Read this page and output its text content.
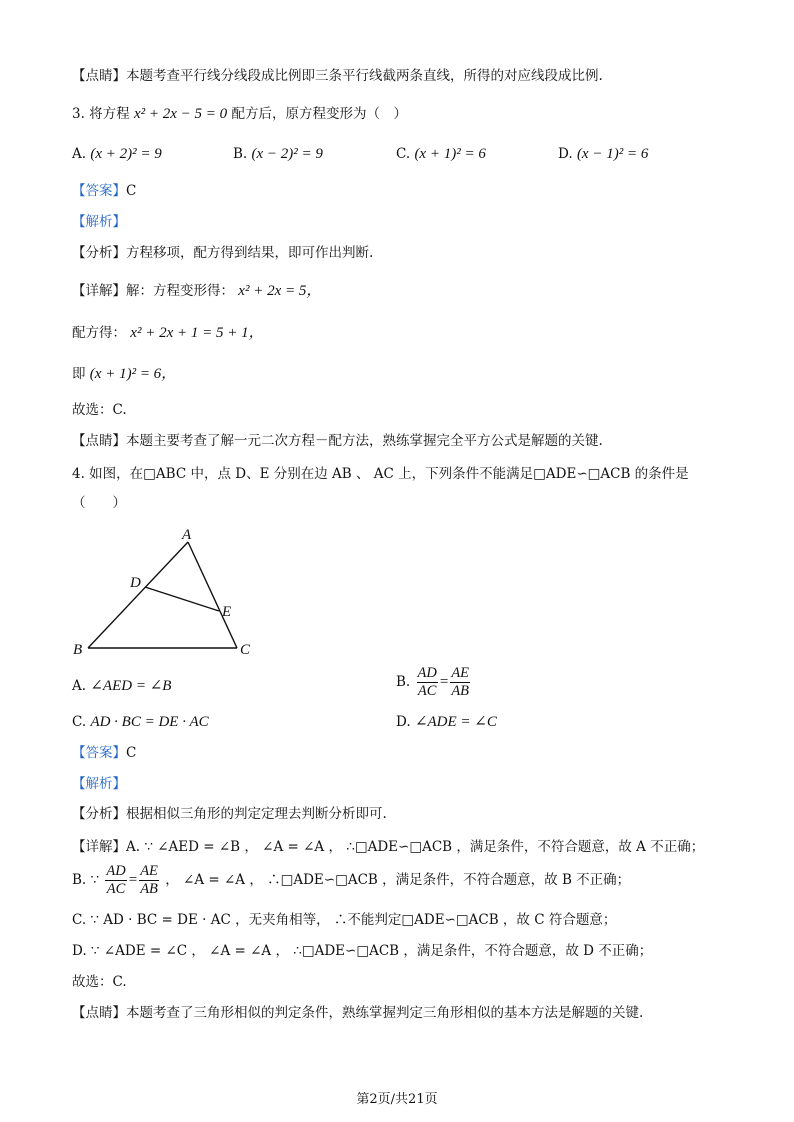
【点睛】本题考查平行线分线段成比例即三条平行线截两条直线，所得的对应线段成比例.
3. 将方程 x² + 2x − 5 = 0 配方后，原方程变形为（　）
A. (x + 2)² = 9	B. (x − 2)² = 9	C. (x + 1)² = 6	D. (x − 1)² = 6
【答案】C
【解析】
【分析】方程移项，配方得到结果，即可作出判断.
【详解】解：方程变形得： x² + 2x = 5，
配方得： x² + 2x + 1 = 5 + 1，
即 (x + 1)² = 6，
故选：C.
【点睛】本题主要考查了解一元二次方程－配方法，熟练掌握完全平方公式是解题的关键.
4. 如图，在□ABC 中，点 D、E 分别在边 AB 、 AC 上，下列条件不能满足□ADE∽□ACB 的条件是
（　　）
A
D
E
B	C
A. ∠AED = ∠B	B. $\frac{AD}{AC} = \frac{AE}{AB}$
C. AD · BC = DE · AC	D. ∠ADE = ∠C
【答案】C
【解析】
【分析】根据相似三角形的判定定理去判断分析即可.
【详解】A. ∵ ∠AED = ∠B ， ∠A = ∠A ， ∴□ADE∽□ACB ，满足条件，不符合题意，故 A 不正确；
B. ∵ $\frac{AD}{AC} = \frac{AE}{AB}$ ， ∠A = ∠A ， ∴□ADE∽□ACB ，满足条件，不符合题意，故 B 不正确；
C. ∵ AD · BC = DE · AC ，无夹角相等， ∴不能判定□ADE∽□ACB ，故 C 符合题意；
D. ∵ ∠ADE = ∠C ， ∠A = ∠A ， ∴□ADE∽□ACB ，满足条件，不符合题意，故 D 不正确；
故选：C.
【点睛】本题考查了三角形相似的判定条件，熟练掌握判定三角形相似的基本方法是解题的关键.
第2页/共21页
